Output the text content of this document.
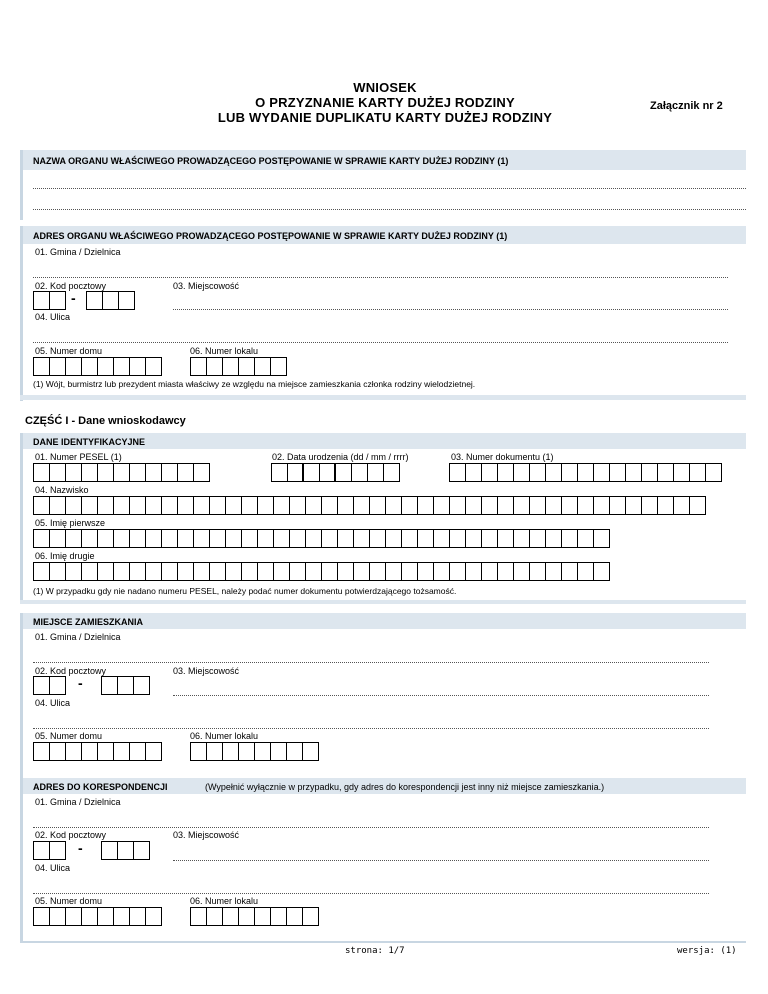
WNIOSEK
O PRZYZNANIE KARTY DUŻEJ RODZINY
LUB WYDANIE DUPLIKATU KARTY DUŻEJ RODZINY
Załącznik nr 2
NAZWA ORGANU WŁAŚCIWEGO PROWADZĄCEGO POSTĘPOWANIE W SPRAWIE KARTY DUŻEJ RODZINY (1)
ADRES ORGANU WŁAŚCIWEGO PROWADZĄCEGO POSTĘPOWANIE W SPRAWIE KARTY DUŻEJ RODZINY (1)
01. Gmina / Dzielnica
02. Kod pocztowy	03. Miejscowość
-
04. Ulica
05. Numer domu	06. Numer lokalu
(1) Wójt, burmistrz lub prezydent miasta właściwy ze względu na miejsce zamieszkania członka rodziny wielodzietnej.
CZĘŚĆ I - Dane wnioskodawcy
DANE IDENTYFIKACYJNE
01. Numer PESEL (1)	02. Data urodzenia (dd / mm / rrrr)	03. Numer dokumentu (1)
04. Nazwisko
05. Imię pierwsze
06. Imię drugie
(1) W przypadku gdy nie nadano numeru PESEL, należy podać numer dokumentu potwierdzającego tożsamość.
MIEJSCE ZAMIESZKANIA
01. Gmina / Dzielnica
02. Kod pocztowy	03. Miejscowość
-
04. Ulica
05. Numer domu	06. Numer lokalu
ADRES DO KORESPONDENCJI	(Wypełnić wyłącznie w przypadku, gdy adres do korespondencji jest inny niż miejsce zamieszkania.)
01. Gmina / Dzielnica
02. Kod pocztowy	03. Miejscowość
-
04. Ulica
05. Numer domu	06. Numer lokalu
strona: 1/7	wersja: (1)
